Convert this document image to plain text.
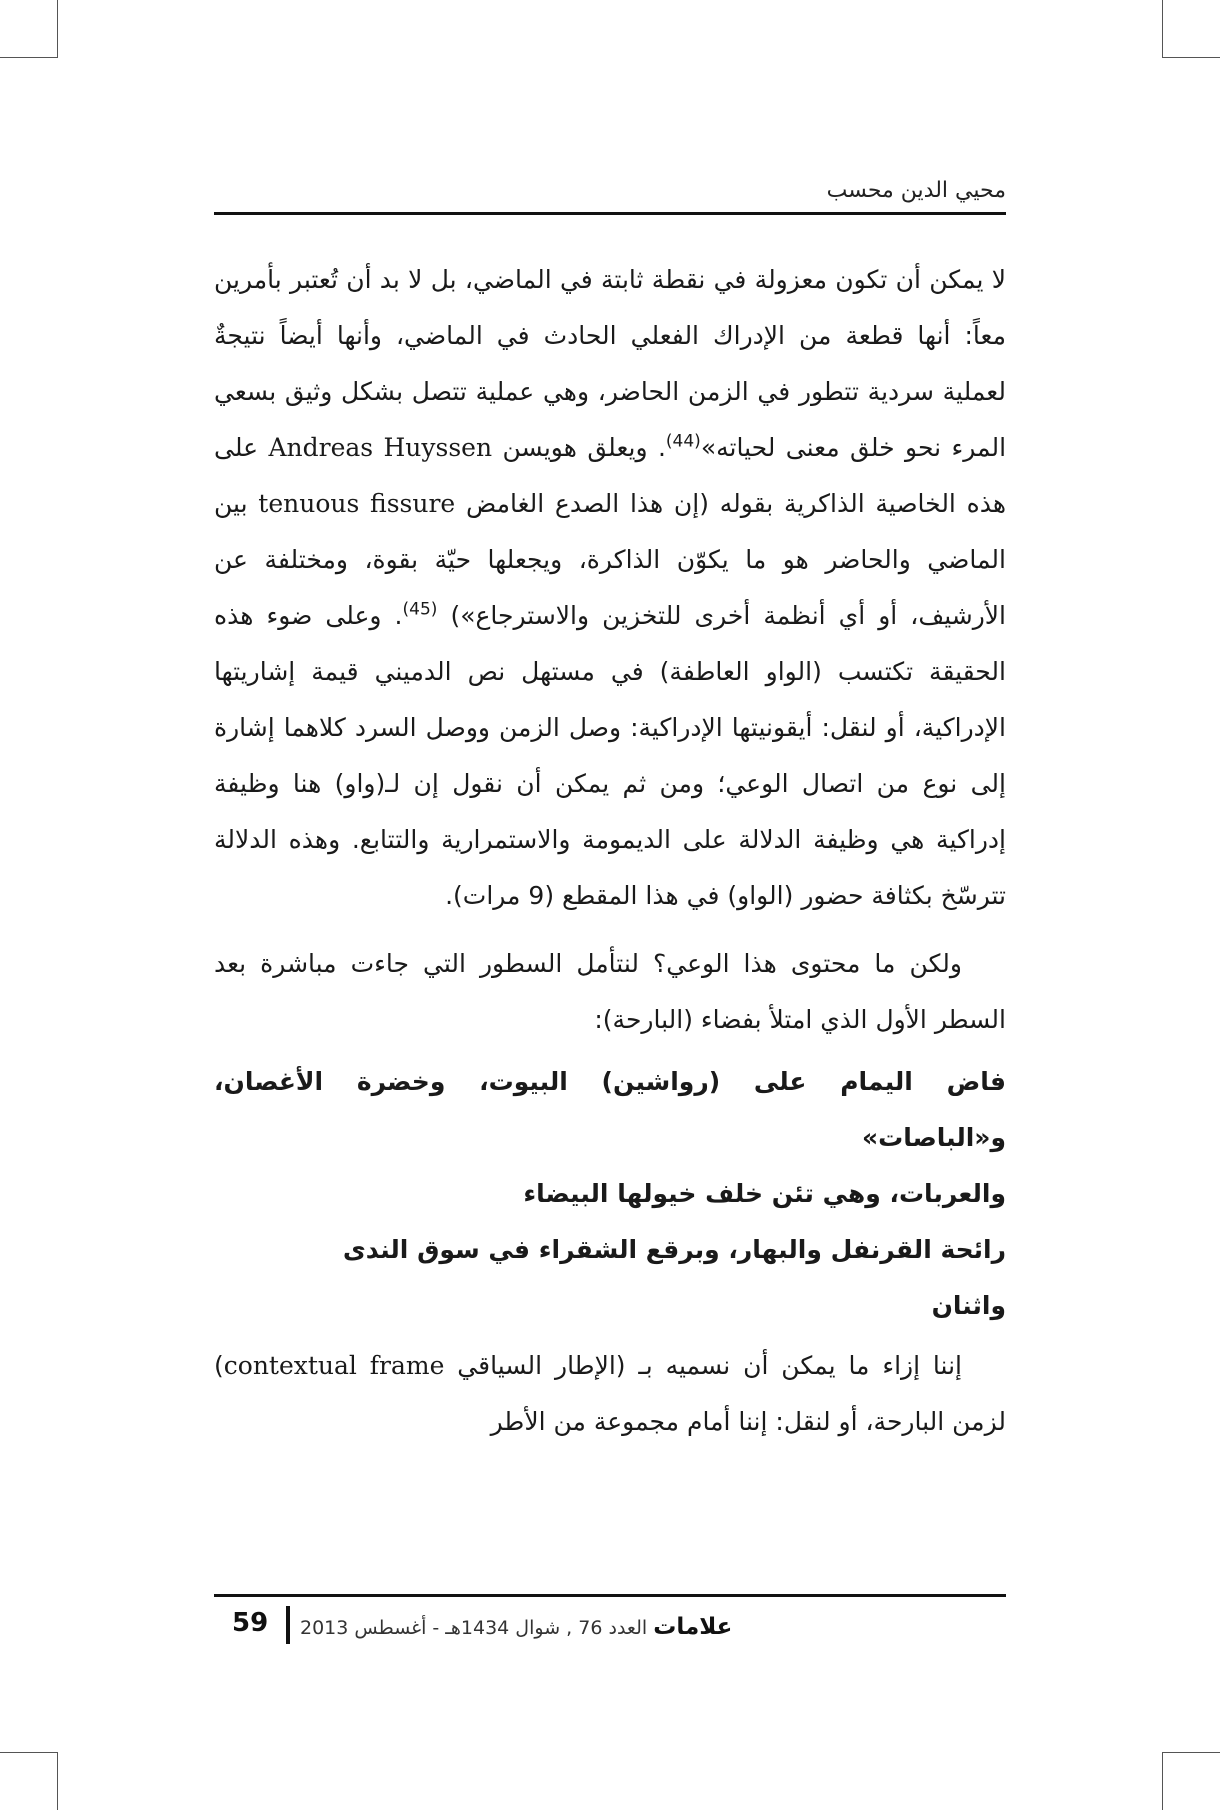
محيي الدين محسب

لا يمكن أن تكون معزولة في نقطة ثابتة في الماضي، بل لا بد أن تُعتبر بأمرين معاً: أنها قطعة من الإدراك الفعلي الحادث في الماضي، وأنها أيضاً نتيجةٌ لعملية سردية تتطور في الزمن الحاضر، وهي عملية تتصل بشكل وثيق بسعي المرء نحو خلق معنى لحياته»$^{(44)}$. ويعلق هويسن Andreas Huyssen على هذه الخاصية الذاكرية بقوله (إن هذا الصدع الغامض tenuous fissure بين الماضي والحاضر هو ما يكوّن الذاكرة، ويجعلها حيّة بقوة، ومختلفة عن الأرشيف، أو أي أنظمة أخرى للتخزين والاسترجاع») $^{(45)}$. وعلى ضوء هذه الحقيقة تكتسب (الواو العاطفة) في مستهل نص الدميني قيمة إشاريتها الإدراكية، أو لنقل: أيقونيتها الإدراكية: وصل الزمن ووصل السرد كلاهما إشارة إلى نوع من اتصال الوعي؛ ومن ثم يمكن أن نقول إن لـ(واو) هنا وظيفة إدراكية هي وظيفة الدلالة على الديمومة والاستمرارية والتتابع. وهذه الدلالة تترسّخ بكثافة حضور (الواو) في هذا المقطع (9 مرات).

ولكن ما محتوى هذا الوعي؟ لنتأمل السطور التي جاءت مباشرة بعد السطر الأول الذي امتلأ بفضاء (البارحة):

فاض اليمام على (رواشين) البيوت، وخضرة الأغصان، و«الباصات»
والعربات، وهي تئن خلف خيولها البيضاء
رائحة القرنفل والبهار، وبرقع الشقراء في سوق الندى
واثنان

إننا إزاء ما يمكن أن نسميه بـ (الإطار السياقي contextual frame) لزمن البارحة، أو لنقل: إننا أمام مجموعة من الأطر

59	علامات العدد 76 , شوال 1434هـ - أغسطس 2013
